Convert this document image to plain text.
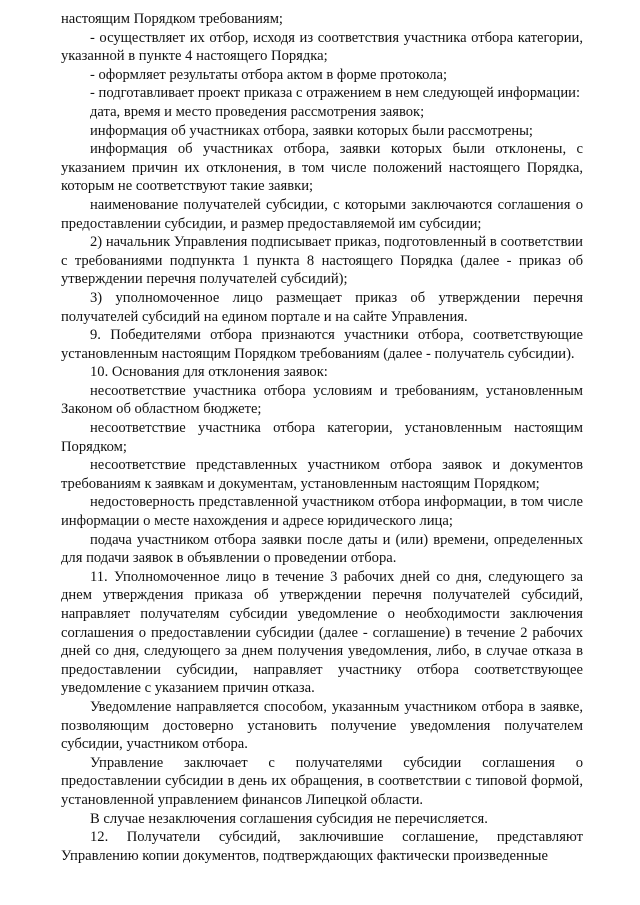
настоящим Порядком требованиям;

- осуществляет их отбор, исходя из соответствия участника отбора категории, указанной в пункте 4 настоящего Порядка;

- оформляет результаты отбора актом в форме протокола;

- подготавливает проект приказа с отражением в нем следующей информации:

дата, время и место проведения рассмотрения заявок;

информация об участниках отбора, заявки которых были рассмотрены;

информация об участниках отбора, заявки которых были отклонены, с указанием причин их отклонения, в том числе положений настоящего Порядка, которым не соответствуют такие заявки;

наименование получателей субсидии, с которыми заключаются соглашения о предоставлении субсидии, и размер предоставляемой им субсидии;

2) начальник Управления подписывает приказ, подготовленный в соответствии с требованиями подпункта 1 пункта 8 настоящего Порядка (далее - приказ об утверждении перечня получателей субсидий);

3) уполномоченное лицо размещает приказ об утверждении перечня получателей субсидий на едином портале и на сайте Управления.

9. Победителями отбора признаются участники отбора, соответствующие установленным настоящим Порядком требованиям (далее - получатель субсидии).

10. Основания для отклонения заявок:

несоответствие участника отбора условиям и требованиям, установленным Законом об областном бюджете;

несоответствие участника отбора категории, установленным настоящим Порядком;

несоответствие представленных участником отбора заявок и документов требованиям к заявкам и документам, установленным настоящим Порядком;

недостоверность представленной участником отбора информации, в том числе информации о месте нахождения и адресе юридического лица;

подача участником отбора заявки после даты и (или) времени, определенных для подачи заявок в объявлении о проведении отбора.

11. Уполномоченное лицо в течение 3 рабочих дней со дня, следующего за днем утверждения приказа об утверждении перечня получателей субсидий, направляет получателям субсидии уведомление о необходимости заключения соглашения о предоставлении субсидии (далее - соглашение) в течение 2 рабочих дней со дня, следующего за днем получения уведомления, либо, в случае отказа в предоставлении субсидии, направляет участнику отбора соответствующее уведомление с указанием причин отказа.

Уведомление направляется способом, указанным участником отбора в заявке, позволяющим достоверно установить получение уведомления получателем субсидии, участником отбора.

Управление заключает с получателями субсидии соглашения о предоставлении субсидии в день их обращения, в соответствии с типовой формой, установленной управлением финансов Липецкой области.

В случае незаключения соглашения субсидия не перечисляется.

12. Получатели субсидий, заключившие соглашение, представляют Управлению копии документов, подтверждающих фактически произведенные
